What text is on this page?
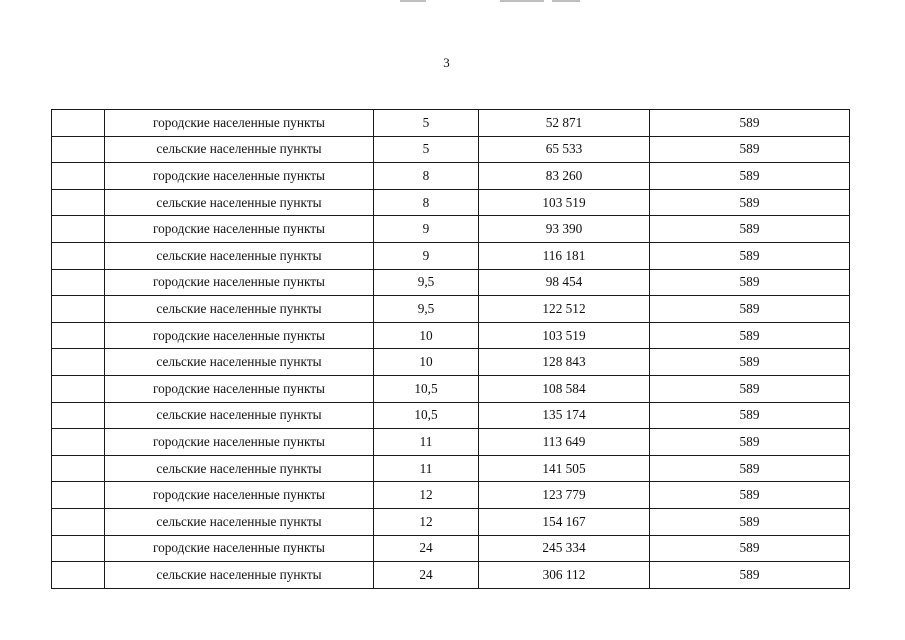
3
	городские населенные пункты	5	52 871	589
	сельские населенные пункты	5	65 533	589
	городские населенные пункты	8	83 260	589
	сельские населенные пункты	8	103 519	589
	городские населенные пункты	9	93 390	589
	сельские населенные пункты	9	116 181	589
	городские населенные пункты	9,5	98 454	589
	сельские населенные пункты	9,5	122 512	589
	городские населенные пункты	10	103 519	589
	сельские населенные пункты	10	128 843	589
	городские населенные пункты	10,5	108 584	589
	сельские населенные пункты	10,5	135 174	589
	городские населенные пункты	11	113 649	589
	сельские населенные пункты	11	141 505	589
	городские населенные пункты	12	123 779	589
	сельские населенные пункты	12	154 167	589
	городские населенные пункты	24	245 334	589
	сельские населенные пункты	24	306 112	589
